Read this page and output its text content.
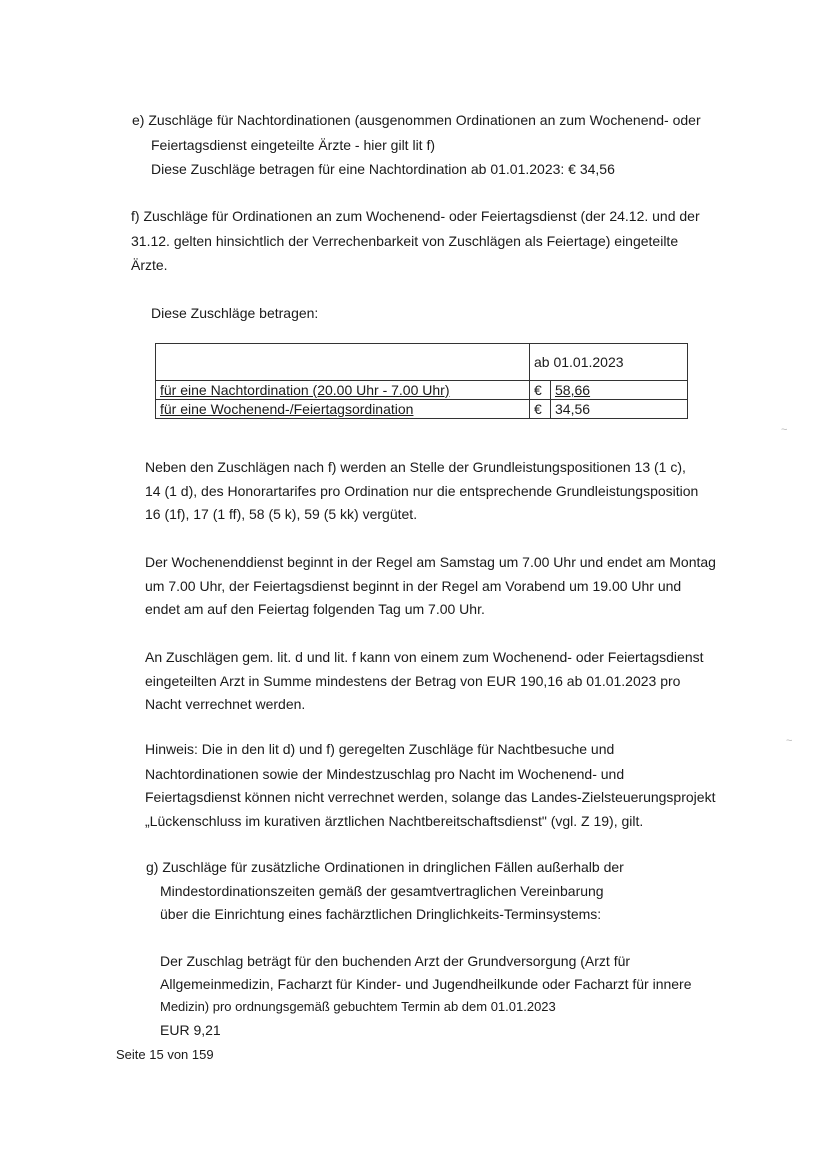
e) Zuschläge für Nachtordinationen (ausgenommen Ordinationen an zum Wochenend- oder
Feiertagsdienst eingeteilte Ärzte - hier gilt lit f)
Diese Zuschläge betragen für eine Nachtordination ab 01.01.2023: € 34,56
f) Zuschläge für Ordinationen an zum Wochenend- oder Feiertagsdienst (der 24.12. und der
31.12. gelten hinsichtlich der Verrechenbarkeit von Zuschlägen als Feiertage) eingeteilte
Ärzte.
Diese Zuschläge betragen:
	ab 01.01.2023	
für eine Nachtordination (20.00 Uhr - 7.00 Uhr)	€	58,66
für eine Wochenend-/Feiertagsordination	€	34,56
Neben den Zuschlägen nach f) werden an Stelle der Grundleistungspositionen 13 (1 c),
14 (1 d), des Honorartarifes pro Ordination nur die entsprechende Grundleistungsposition
16 (1f), 17 (1 ff), 58 (5 k), 59 (5 kk) vergütet.
Der Wochenenddienst beginnt in der Regel am Samstag um 7.00 Uhr und endet am Montag
um 7.00 Uhr, der Feiertagsdienst beginnt in der Regel am Vorabend um 19.00 Uhr und
endet am auf den Feiertag folgenden Tag um 7.00 Uhr.
An Zuschlägen gem. lit. d und lit. f kann von einem zum Wochenend- oder Feiertagsdienst
eingeteilten Arzt in Summe mindestens der Betrag von EUR 190,16 ab 01.01.2023 pro
Nacht verrechnet werden.
Hinweis: Die in den lit d) und f) geregelten Zuschläge für Nachtbesuche und
Nachtordinationen sowie der Mindestzuschlag pro Nacht im Wochenend- und
Feiertagsdienst können nicht verrechnet werden, solange das Landes-Zielsteuerungsprojekt
„Lückenschluss im kurativen ärztlichen Nachtbereitschaftsdienst" (vgl. Z 19), gilt.
g) Zuschläge für zusätzliche Ordinationen in dringlichen Fällen außerhalb der
Mindestordinationszeiten gemäß der gesamtvertraglichen Vereinbarung
über die Einrichtung eines fachärztlichen Dringlichkeits-Terminsystems:
Der Zuschlag beträgt für den buchenden Arzt der Grundversorgung (Arzt für
Allgemeinmedizin, Facharzt für Kinder- und Jugendheilkunde oder Facharzt für innere
Medizin) pro ordnungsgemäß gebuchtem Termin ab dem 01.01.2023
EUR 9,21
Seite 15 von 159
~
~
